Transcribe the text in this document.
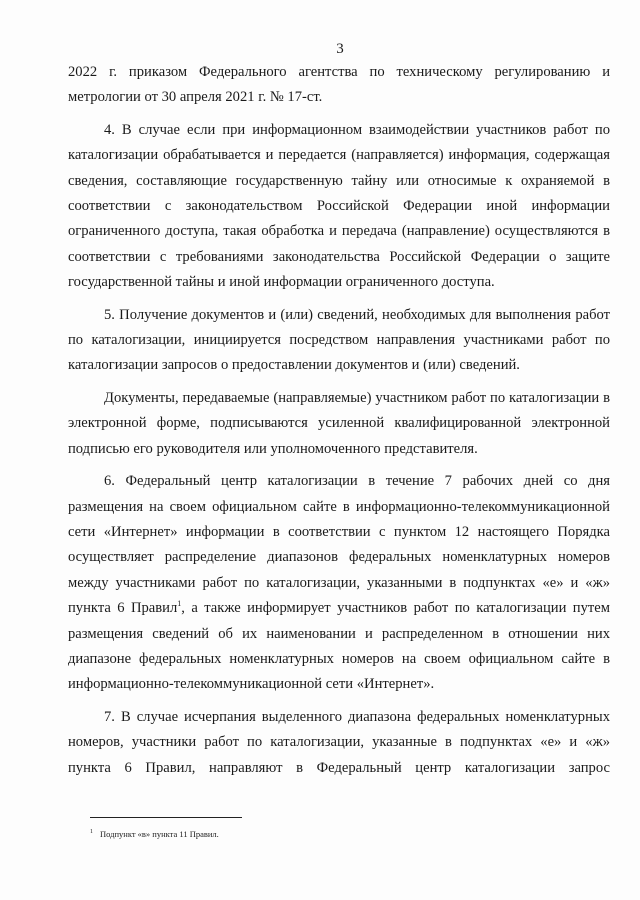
3

2022 г. приказом Федерального агентства по техническому регулированию и метрологии от 30 апреля 2021 г. № 17-ст.

4. В случае если при информационном взаимодействии участников работ по каталогизации обрабатывается и передается (направляется) информация, содержащая сведения, составляющие государственную тайну или относимые к охраняемой в соответствии с законодательством Российской Федерации иной информации ограниченного доступа, такая обработка и передача (направление) осуществляются в соответствии с требованиями законодательства Российской Федерации о защите государственной тайны и иной информации ограниченного доступа.

5. Получение документов и (или) сведений, необходимых для выполнения работ по каталогизации, инициируется посредством направления участниками работ по каталогизации запросов о предоставлении документов и (или) сведений.

Документы, передаваемые (направляемые) участником работ по каталогизации в электронной форме, подписываются усиленной квалифицированной электронной подписью его руководителя или уполномоченного представителя.

6. Федеральный центр каталогизации в течение 7 рабочих дней со дня размещения на своем официальном сайте в информационно-телекоммуникационной сети «Интернет» информации в соответствии с пунктом 12 настоящего Порядка осуществляет распределение диапазонов федеральных номенклатурных номеров между участниками работ по каталогизации, указанными в подпунктах «е» и «ж» пункта 6 Правил$^1$, а также информирует участников работ по каталогизации путем размещения сведений об их наименовании и распределенном в отношении них диапазоне федеральных номенклатурных номеров на своем официальном сайте в информационно-телекоммуникационной сети «Интернет».

7. В случае исчерпания выделенного диапазона федеральных номенклатурных номеров, участники работ по каталогизации, указанные в подпунктах «е» и «ж» пункта 6 Правил, направляют в Федеральный центр каталогизации запрос

1 Подпункт «в» пункта 11 Правил.
